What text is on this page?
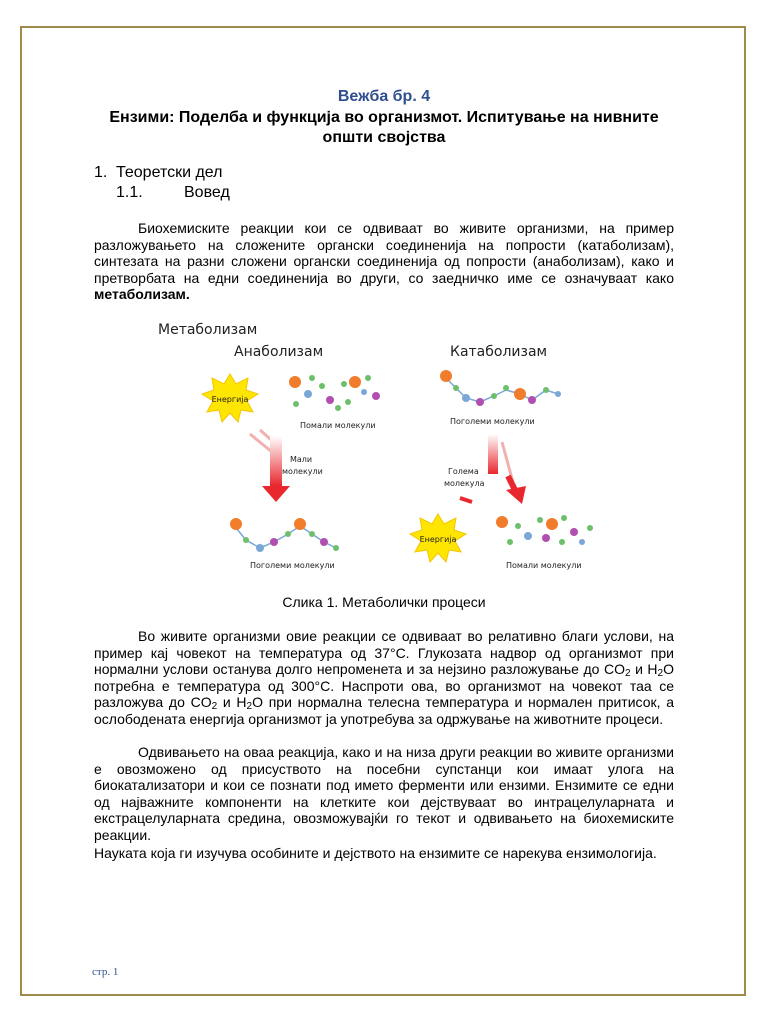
Вежба бр. 4
Ензими: Поделба и функција во организмот. Испитување на нивните општи својства
1. Теоретски дел
1.1.	Вовед
Биохемиските реакции кои се одвиваат во живите организми, на пример разложувањето на сложените органски соединенија на попрости (катаболизам), синтезата на разни сложени органски соединенија од попрости (анаболизам), како и претворбата на едни соединенија во други, со заедничко име се означуваат како метаболизам.
Метаболизам
Анаболизам	Катаболизам
Енергија
Помали молекули
Мали
молекули
Поголеми молекули
Поголеми молекули
Голема
молекула
Енергија
Помали молекули
Слика 1. Метаболички процеси
Во живите организми овие реакции се одвиваат во релативно благи услови, на пример кај човекот на температура од 37°С. Глукозата надвор од организмот при нормални услови останува долго непроменета и за нејзино разложување до $CO_2$ и $H_2O$ потребна е температура од 300°С. Наспроти ова, во организмот на човекот таа се разложува до $CO_2$ и $H_2O$ при нормална телесна температура и нормален притисок, а ослободената енергија организмот ја употребува за одржување на животните процеси.
Одвивањето на оваа реакција, како и на низа други реакции во живите организми е овозможено од присуството на посебни супстанци кои имаат улога на биокатализатори и кои се познати под името ферменти или ензими. Ензимите се едни од најважните компоненти на клетките кои дејствуваат во интрацелуларната и екстрацелуларната средина, овозможувајќи го текот и одвивањето на биохемиските реакции.
Науката која ги изучува особините и дејството на ензимите се нарекува ензимологија.
стр. 1
